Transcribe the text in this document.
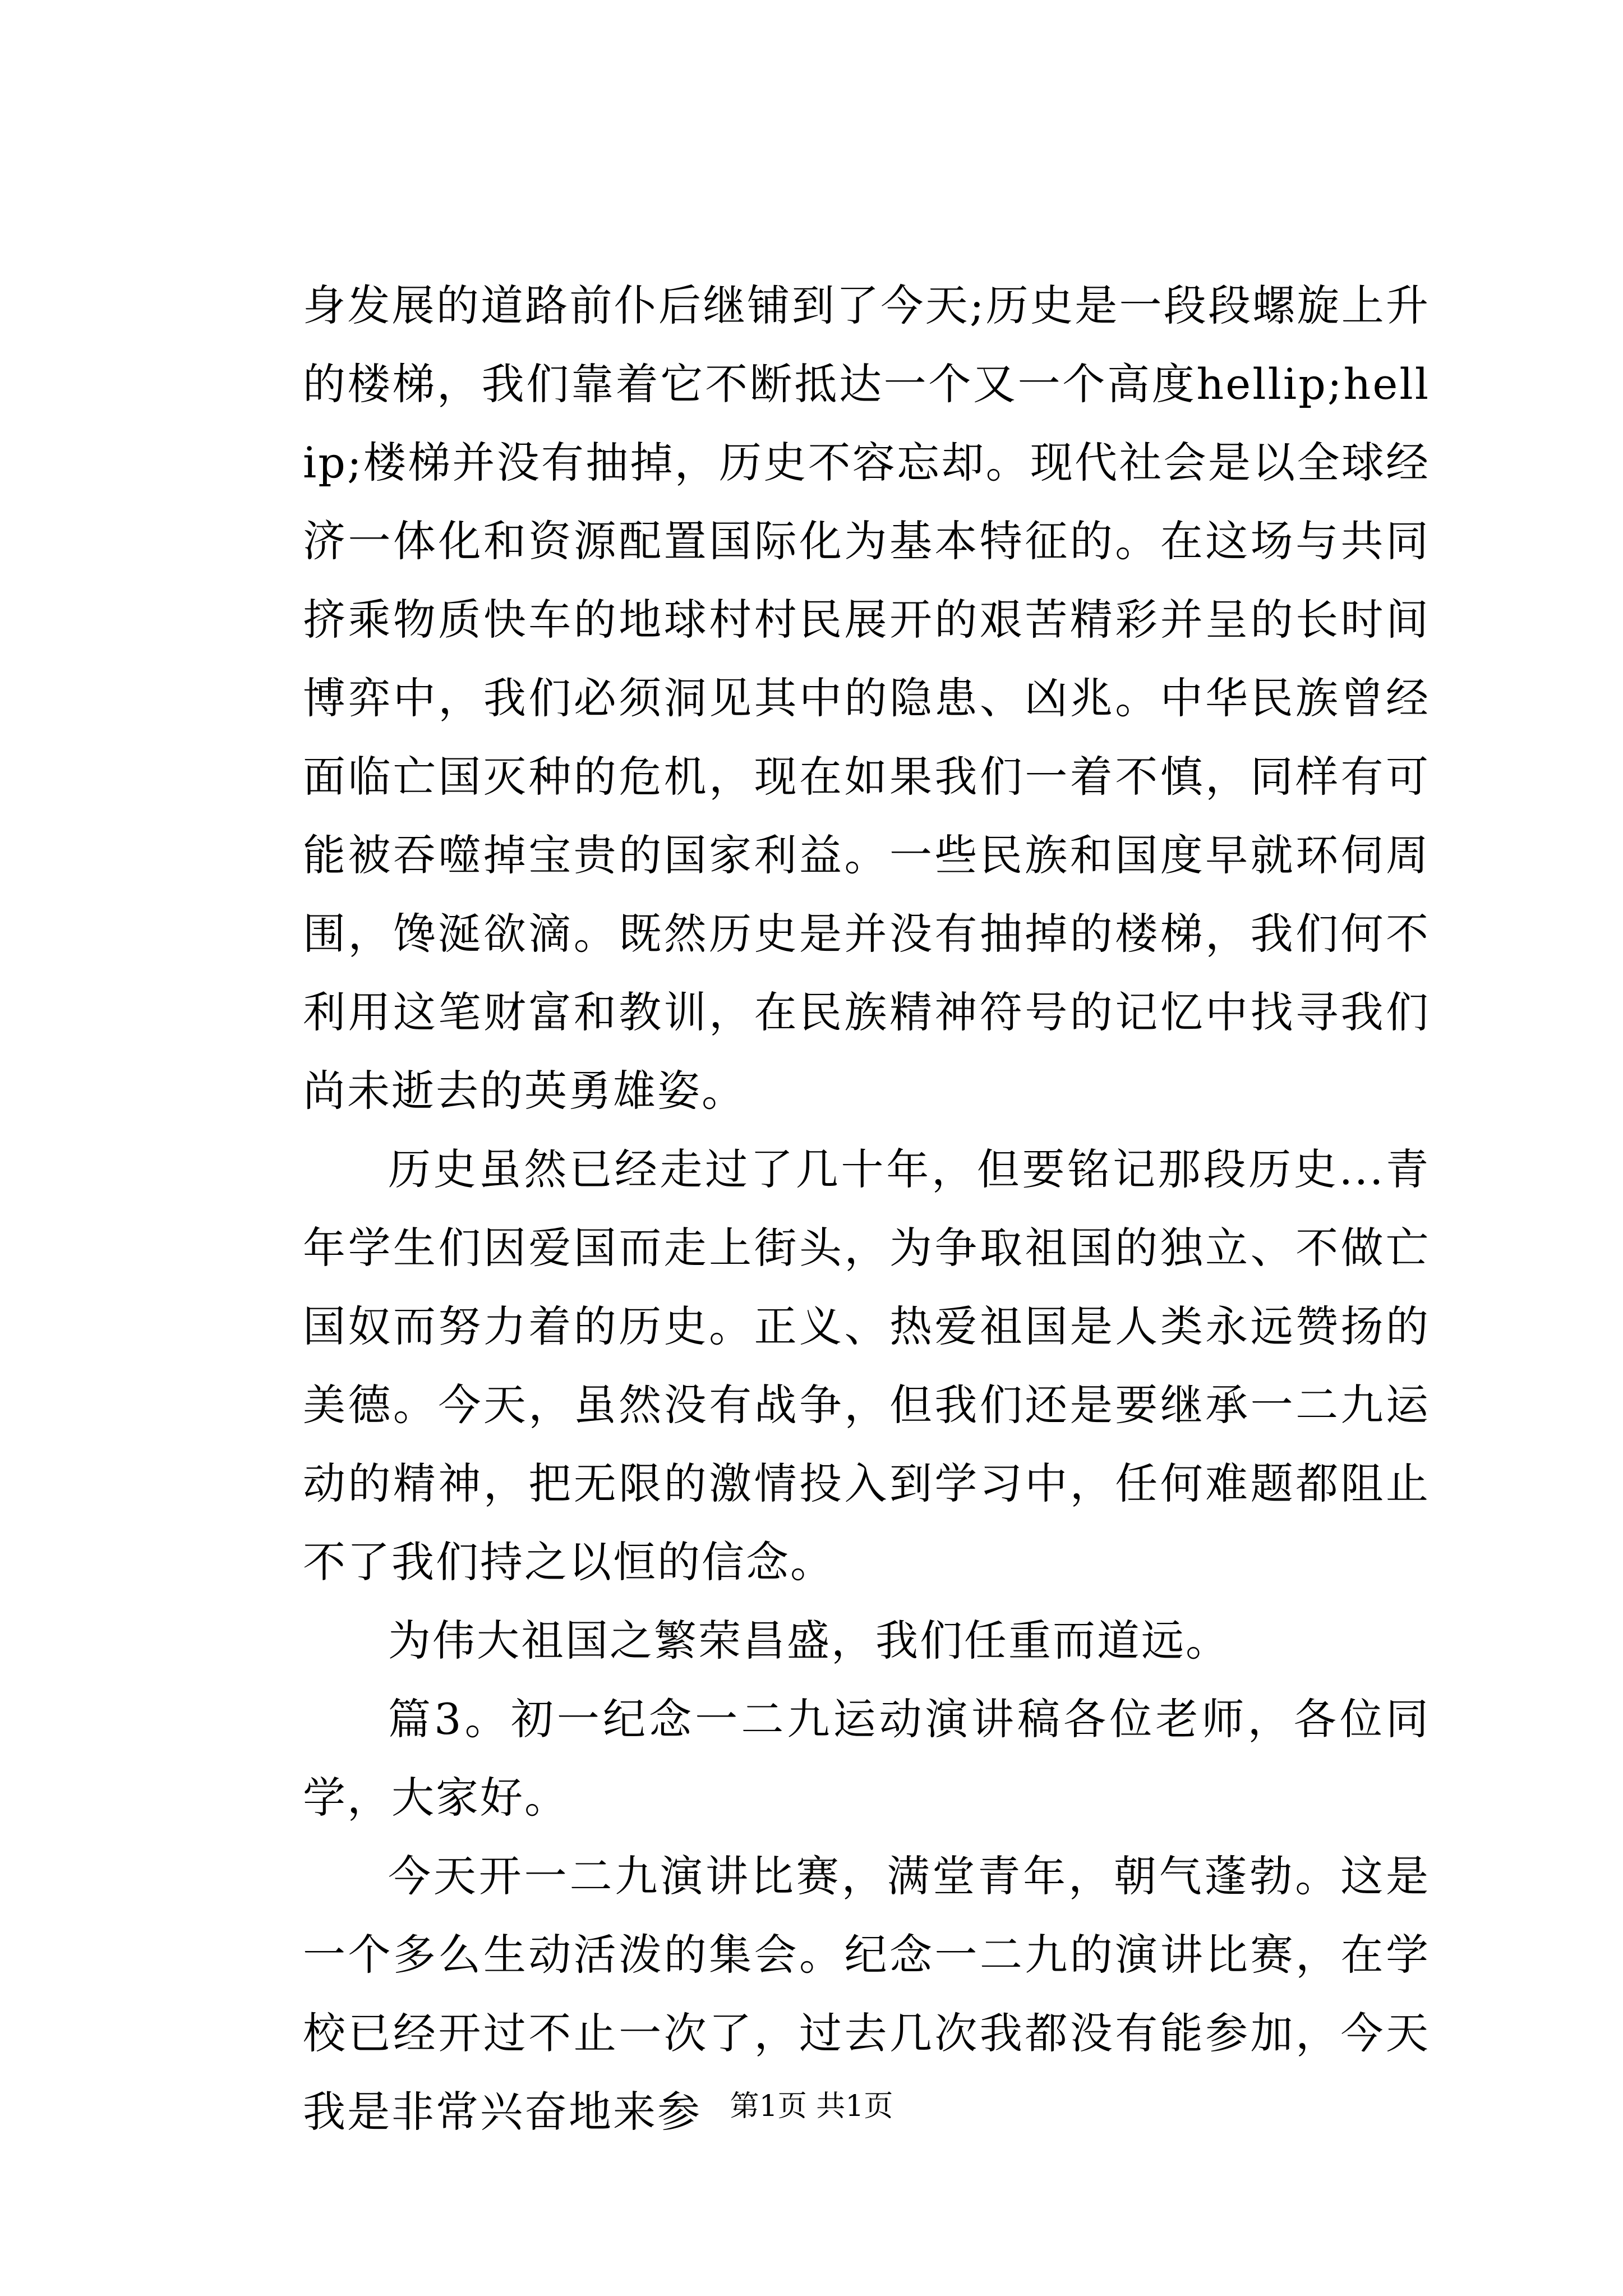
身发展的道路前仆后继铺到了今天;历史是一段段螺旋上升的楼梯，我们靠着它不断抵达一个又一个高度hellip;hellip;楼梯并没有抽掉，历史不容忘却。现代社会是以全球经济一体化和资源配置国际化为基本特征的。在这场与共同挤乘物质快车的地球村村民展开的艰苦精彩并呈的长时间博弈中，我们必须洞见其中的隐患、凶兆。中华民族曾经面临亡国灭种的危机，现在如果我们一着不慎，同样有可能被吞噬掉宝贵的国家利益。一些民族和国度早就环伺周围，馋涎欲滴。既然历史是并没有抽掉的楼梯，我们何不利用这笔财富和教训，在民族精神符号的记忆中找寻我们尚未逝去的英勇雄姿。

历史虽然已经走过了几十年，但要铭记那段历史...青年学生们因爱国而走上街头，为争取祖国的独立、不做亡国奴而努力着的历史。正义、热爱祖国是人类永远赞扬的美德。今天，虽然没有战争，但我们还是要继承一二九运动的精神，把无限的激情投入到学习中，任何难题都阻止不了我们持之以恒的信念。

为伟大祖国之繁荣昌盛，我们任重而道远。

篇3。初一纪念一二九运动演讲稿各位老师，各位同学，大家好。

今天开一二九演讲比赛，满堂青年，朝气蓬勃。这是一个多么生动活泼的集会。纪念一二九的演讲比赛，在学校已经开过不止一次了，过去几次我都没有能参加，今天我是非常兴奋地来参 第1页 共1页
